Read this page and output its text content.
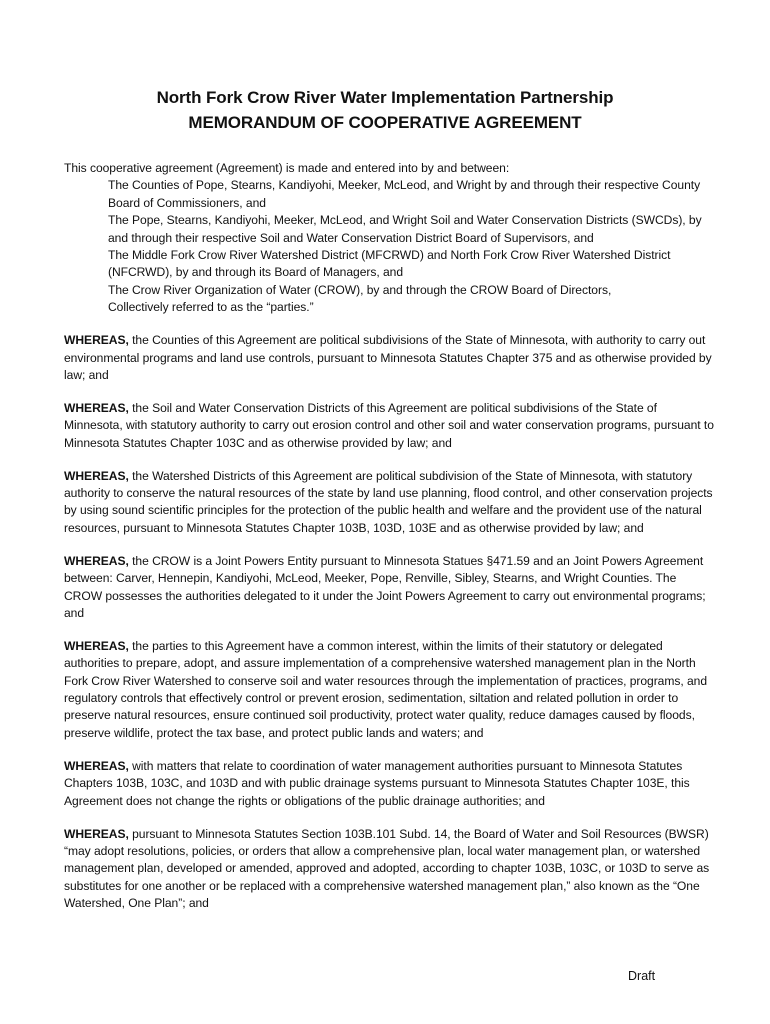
North Fork Crow River Water Implementation Partnership
MEMORANDUM OF COOPERATIVE AGREEMENT

This cooperative agreement (Agreement) is made and entered into by and between:

The Counties of Pope, Stearns, Kandiyohi, Meeker, McLeod, and Wright by and through their respective County Board of Commissioners, and
The Pope, Stearns, Kandiyohi, Meeker, McLeod, and Wright Soil and Water Conservation Districts (SWCDs), by and through their respective Soil and Water Conservation District Board of Supervisors, and
The Middle Fork Crow River Watershed District (MFCRWD) and North Fork Crow River Watershed District (NFCRWD), by and through its Board of Managers, and
The Crow River Organization of Water (CROW), by and through the CROW Board of Directors,
Collectively referred to as the “parties.”

WHEREAS, the Counties of this Agreement are political subdivisions of the State of Minnesota, with authority to carry out environmental programs and land use controls, pursuant to Minnesota Statutes Chapter 375 and as otherwise provided by law; and

WHEREAS, the Soil and Water Conservation Districts of this Agreement are political subdivisions of the State of Minnesota, with statutory authority to carry out erosion control and other soil and water conservation programs, pursuant to Minnesota Statutes Chapter 103C and as otherwise provided by law; and

WHEREAS, the Watershed Districts of this Agreement are political subdivision of the State of Minnesota, with statutory authority to conserve the natural resources of the state by land use planning, flood control, and other conservation projects by using sound scientific principles for the protection of the public health and welfare and the provident use of the natural resources, pursuant to Minnesota Statutes Chapter 103B, 103D, 103E and as otherwise provided by law; and

WHEREAS, the CROW is a Joint Powers Entity pursuant to Minnesota Statues §471.59 and an Joint Powers Agreement between: Carver, Hennepin, Kandiyohi, McLeod, Meeker, Pope, Renville, Sibley, Stearns, and Wright Counties. The CROW possesses the authorities delegated to it under the Joint Powers Agreement to carry out environmental programs; and

WHEREAS, the parties to this Agreement have a common interest, within the limits of their statutory or delegated authorities to prepare, adopt, and assure implementation of a comprehensive watershed management plan in the North Fork Crow River Watershed to conserve soil and water resources through the implementation of practices, programs, and regulatory controls that effectively control or prevent erosion, sedimentation, siltation and related pollution in order to preserve natural resources, ensure continued soil productivity, protect water quality, reduce damages caused by floods, preserve wildlife, protect the tax base, and protect public lands and waters; and

WHEREAS, with matters that relate to coordination of water management authorities pursuant to Minnesota Statutes Chapters 103B, 103C, and 103D and with public drainage systems pursuant to Minnesota Statutes Chapter 103E, this Agreement does not change the rights or obligations of the public drainage authorities; and

WHEREAS, pursuant to Minnesota Statutes Section 103B.101 Subd. 14, the Board of Water and Soil Resources (BWSR) “may adopt resolutions, policies, or orders that allow a comprehensive plan, local water management plan, or watershed management plan, developed or amended, approved and adopted, according to chapter 103B, 103C, or 103D to serve as substitutes for one another or be replaced with a comprehensive watershed management plan,” also known as the “One Watershed, One Plan”; and

Draft
